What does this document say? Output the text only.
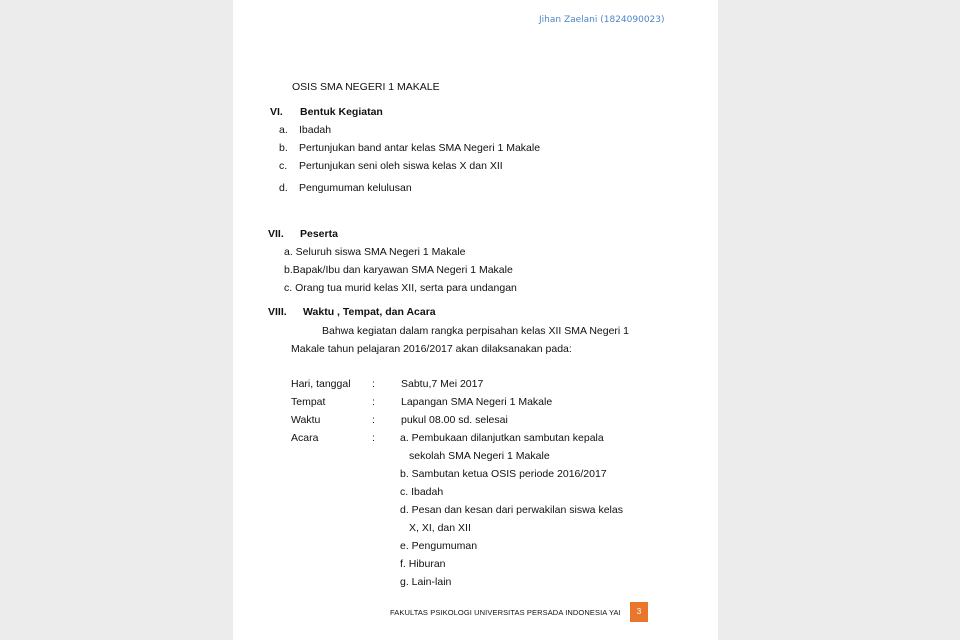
Jihan Zaelani (1824090023)
OSIS SMA NEGERI 1 MAKALE
VI. Bentuk Kegiatan
a. Ibadah
b. Pertunjukan band antar kelas SMA Negeri 1 Makale
c. Pertunjukan seni oleh siswa kelas X dan XII
d. Pengumuman kelulusan
VII. Peserta
a. Seluruh siswa SMA Negeri 1 Makale
b.Bapak/Ibu dan karyawan SMA Negeri 1 Makale
c. Orang tua murid kelas XII, serta para undangan
VIII. Waktu , Tempat, dan Acara
Bahwa kegiatan dalam rangka perpisahan kelas XII SMA Negeri 1
Makale tahun pelajaran 2016/2017 akan dilaksanakan pada:
Hari, tanggal : Sabtu,7 Mei 2017
Tempat	: Lapangan SMA Negeri 1 Makale
Waktu	: pukul 08.00 sd. selesai
Acara	: a. Pembukaan dilanjutkan sambutan kepala
sekolah SMA Negeri 1 Makale
b. Sambutan ketua OSIS periode 2016/2017
c. Ibadah
d. Pesan dan kesan dari perwakilan siswa kelas
X, XI, dan XII
e. Pengumuman
f. Hiburan
g. Lain-lain
FAKULTAS PSIKOLOGI UNIVERSITAS PERSADA INDONESIA YAI	3
